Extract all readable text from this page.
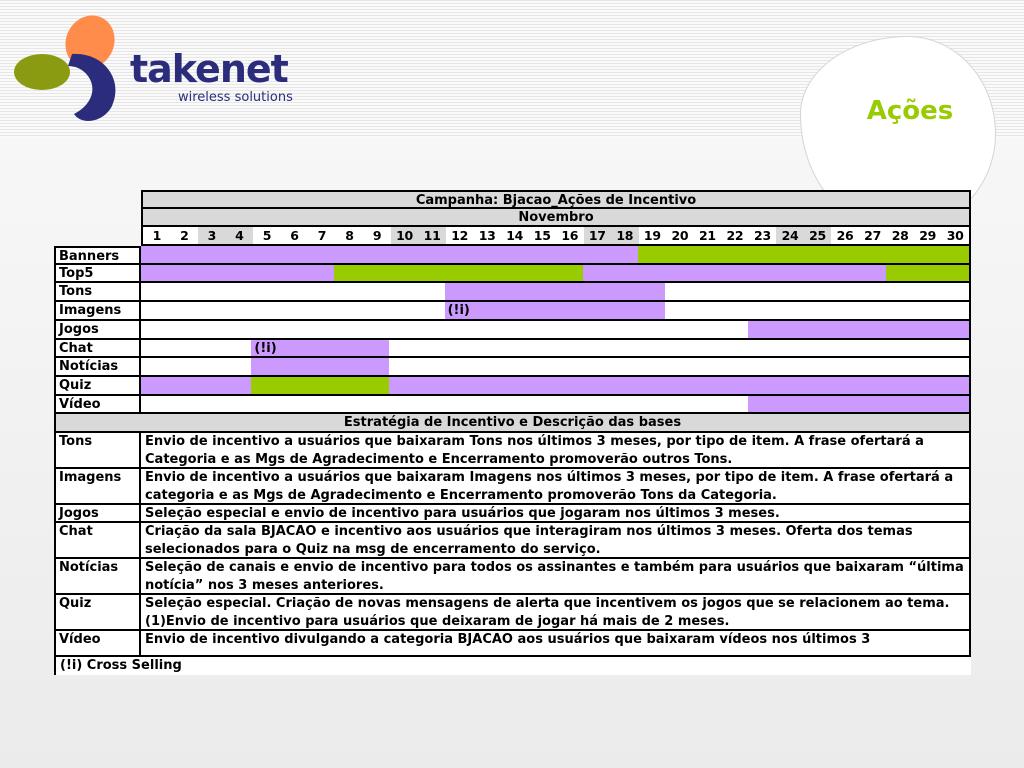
Ações
takenet
wireless solutions
Campanha: Bjacao_Ações de Incentivo
Novembro
1	2	3	4	5	6	7	8	9	10 11 12 13 14 15 16 17 18 19 20 21 22 23 24 25 26 27 28 29 30
Banners
Top5
Tons
Imagens	(!i)
Jogos
Chat	(!i)
Notícias
Quiz
Vídeo
Estratégia de Incentivo e Descrição das bases
Tons	Envio de incentivo a usuários que baixaram Tons nos últimos 3 meses, por tipo de item. A frase ofertará a Categoria e as Mgs de Agradecimento e Encerramento promoverão outros Tons.
Imagens	Envio de incentivo a usuários que baixaram Imagens nos últimos 3 meses, por tipo de item. A frase ofertará a categoria e as Mgs de Agradecimento e Encerramento promoverão Tons da Categoria.
Jogos	Seleção especial e envio de incentivo para usuários que jogaram nos últimos 3 meses.
Chat	Criação da sala BJACAO e incentivo aos usuários que interagiram nos últimos 3 meses. Oferta dos temas selecionados para o Quiz na msg de encerramento do serviço.
Notícias	Seleção de canais e envio de incentivo para todos os assinantes e também para usuários que baixaram “última notícia” nos 3 meses anteriores.
Quiz	Seleção especial. Criação de novas mensagens de alerta que incentivem os jogos que se relacionem ao tema. (1)Envio de incentivo para usuários que deixaram de jogar há mais de 2 meses.
Vídeo	Envio de incentivo divulgando a categoria BJACAO aos usuários que baixaram vídeos nos últimos 3
(!i) Cross Selling
